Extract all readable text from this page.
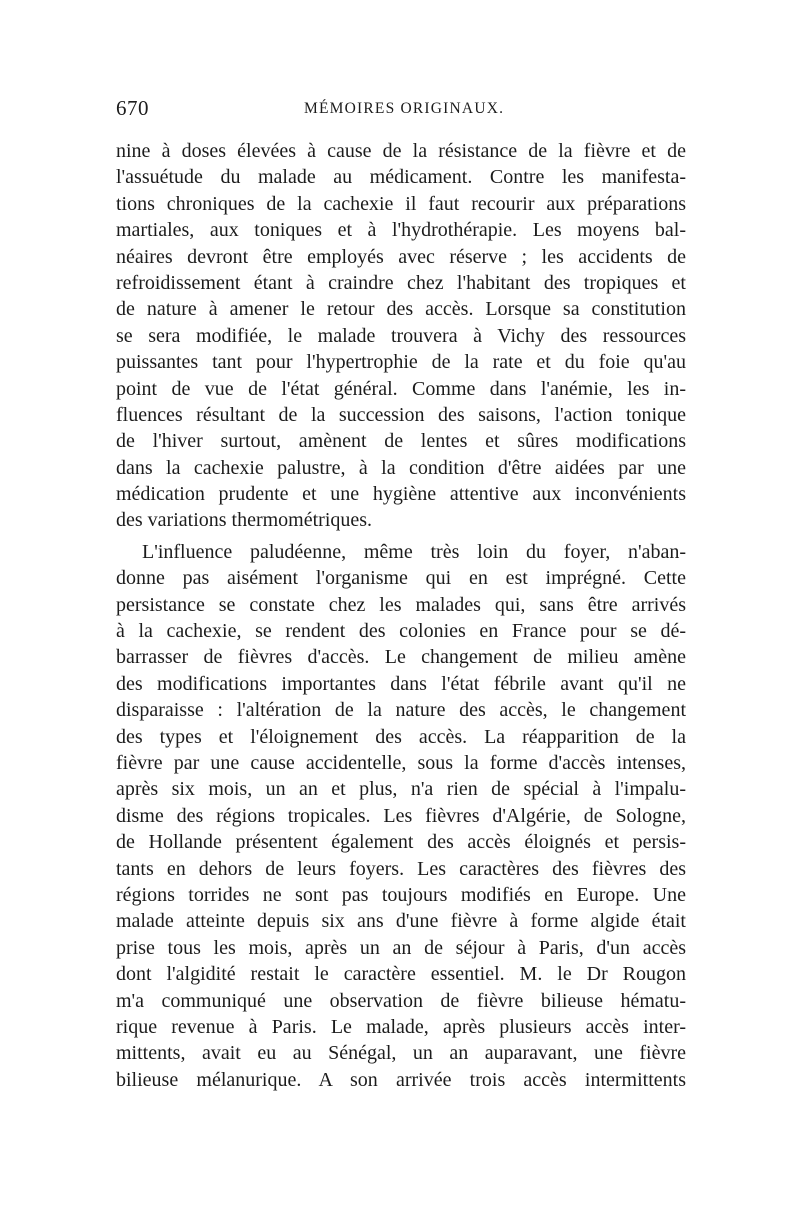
670	MÉMOIRES ORIGINAUX.
nine à doses élevées à cause de la résistance de la fièvre et de
l'assuétude du malade au médicament. Contre les manifesta-
tions chroniques de la cachexie il faut recourir aux préparations
martiales, aux toniques et à l'hydrothérapie. Les moyens bal-
néaires devront être employés avec réserve ; les accidents de
refroidissement étant à craindre chez l'habitant des tropiques et
de nature à amener le retour des accès. Lorsque sa constitution
se sera modifiée, le malade trouvera à Vichy des ressources
puissantes tant pour l'hypertrophie de la rate et du foie qu'au
point de vue de l'état général. Comme dans l'anémie, les in-
fluences résultant de la succession des saisons, l'action tonique
de l'hiver surtout, amènent de lentes et sûres modifications
dans la cachexie palustre, à la condition d'être aidées par une
médication prudente et une hygiène attentive aux inconvénients
des variations thermométriques.
L'influence paludéenne, même très loin du foyer, n'aban-
donne pas aisément l'organisme qui en est imprégné. Cette
persistance se constate chez les malades qui, sans être arrivés
à la cachexie, se rendent des colonies en France pour se dé-
barrasser de fièvres d'accès. Le changement de milieu amène
des modifications importantes dans l'état fébrile avant qu'il ne
disparaisse : l'altération de la nature des accès, le changement
des types et l'éloignement des accès. La réapparition de la
fièvre par une cause accidentelle, sous la forme d'accès intenses,
après six mois, un an et plus, n'a rien de spécial à l'impalu-
disme des régions tropicales. Les fièvres d'Algérie, de Sologne,
de Hollande présentent également des accès éloignés et persis-
tants en dehors de leurs foyers. Les caractères des fièvres des
régions torrides ne sont pas toujours modifiés en Europe. Une
malade atteinte depuis six ans d'une fièvre à forme algide était
prise tous les mois, après un an de séjour à Paris, d'un accès
dont l'algidité restait le caractère essentiel. M. le Dr Rougon
m'a communiqué une observation de fièvre bilieuse hématu-
rique revenue à Paris. Le malade, après plusieurs accès inter-
mittents, avait eu au Sénégal, un an auparavant, une fièvre
bilieuse mélanurique. A son arrivée trois accès intermittents
